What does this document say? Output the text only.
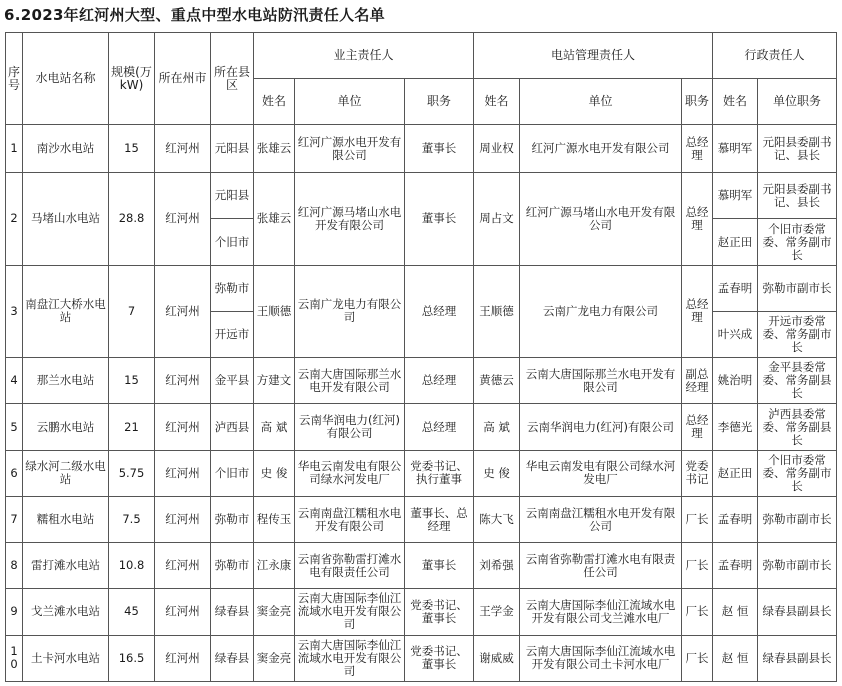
6.2023年红河州大型、重点中型水电站防汛责任人名单
序号	水电站名称	规模(万kW)	所在州市	所在县区	业主责任人			电站管理责任人			行政责任人	
					姓名	单位	职务	姓名	单位	职务	姓名	单位职务
1	南沙水电站	15	红河州	元阳县	张雄云	红河广源水电开发有限公司	董事长	周业权	红河广源水电开发有限公司	总经理	慕明军	元阳县委副书记、县长
2	马堵山水电站	28.8	红河州	元阳县	张雄云	红河广源马堵山水电开发有限公司	董事长	周占文	红河广源马堵山水电开发有限公司	总经理	慕明军	元阳县委副书记、县长
				个旧市							赵正田	个旧市委常委、常务副市长
3	南盘江大桥水电站	7	红河州	弥勒市	王顺德	云南广龙电力有限公司	总经理	王顺德	云南广龙电力有限公司	总经理	孟春明	弥勒市副市长
				开远市							叶兴成	开远市委常委、常务副市长
4	那兰水电站	15	红河州	金平县	方建文	云南大唐国际那兰水电开发有限公司	总经理	黄德云	云南大唐国际那兰水电开发有限公司	副总经理	姚治明	金平县委常委、常务副县长
5	云鹏水电站	21	红河州	泸西县	高 斌	云南华润电力(红河)有限公司	总经理	高 斌	云南华润电力(红河)有限公司	总经理	李德光	泸西县委常委、常务副县长
6	绿水河二级水电站	5.75	红河州	个旧市	史 俊	华电云南发电有限公司绿水河发电厂	党委书记、执行董事	史 俊	华电云南发电有限公司绿水河发电厂	党委书记	赵正田	个旧市委常委、常务副市长
7	糯租水电站	7.5	红河州	弥勒市	程传玉	云南南盘江糯租水电开发有限公司	董事长、总经理	陈大飞	云南南盘江糯租水电开发有限公司	厂长	孟春明	弥勒市副市长
8	雷打滩水电站	10.8	红河州	弥勒市	江永康	云南省弥勒雷打滩水电有限责任公司	董事长	刘希强	云南省弥勒雷打滩水电有限责任公司	厂长	孟春明	弥勒市副市长
9	戈兰滩水电站	45	红河州	绿春县	窦金亮	云南大唐国际李仙江流域水电开发有限公司	党委书记、董事长	王学金	云南大唐国际李仙江流域水电开发有限公司戈兰滩水电厂	厂长	赵 恒	绿春县副县长
10	土卡河水电站	16.5	红河州	绿春县	窦金亮	云南大唐国际李仙江流域水电开发有限公司	党委书记、董事长	谢威威	云南大唐国际李仙江流域水电开发有限公司土卡河水电厂	厂长	赵 恒	绿春县副县长
